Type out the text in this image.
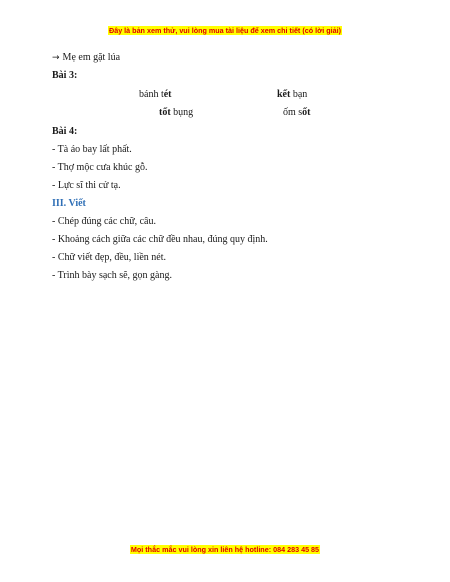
Đây là bản xem thử, vui lòng mua tài liệu để xem chi tiết (có lời giải)
→ Mẹ em gặt lúa
Bài 3:
bánh tét	kết bạn
tốt bụng	ốm sốt
Bài 4:
- Tà áo bay lất phất.
- Thợ mộc cưa khúc gỗ.
- Lực sĩ thi cử tạ.
III. Viết
- Chép đúng các chữ, câu.
- Khoảng cách giữa các chữ đều nhau, đúng quy định.
- Chữ viết đẹp, đều, liền nét.
- Trình bày sạch sẽ, gọn gàng.
Mọi thắc mắc vui lòng xin liên hệ hotline: 084 283 45 85
